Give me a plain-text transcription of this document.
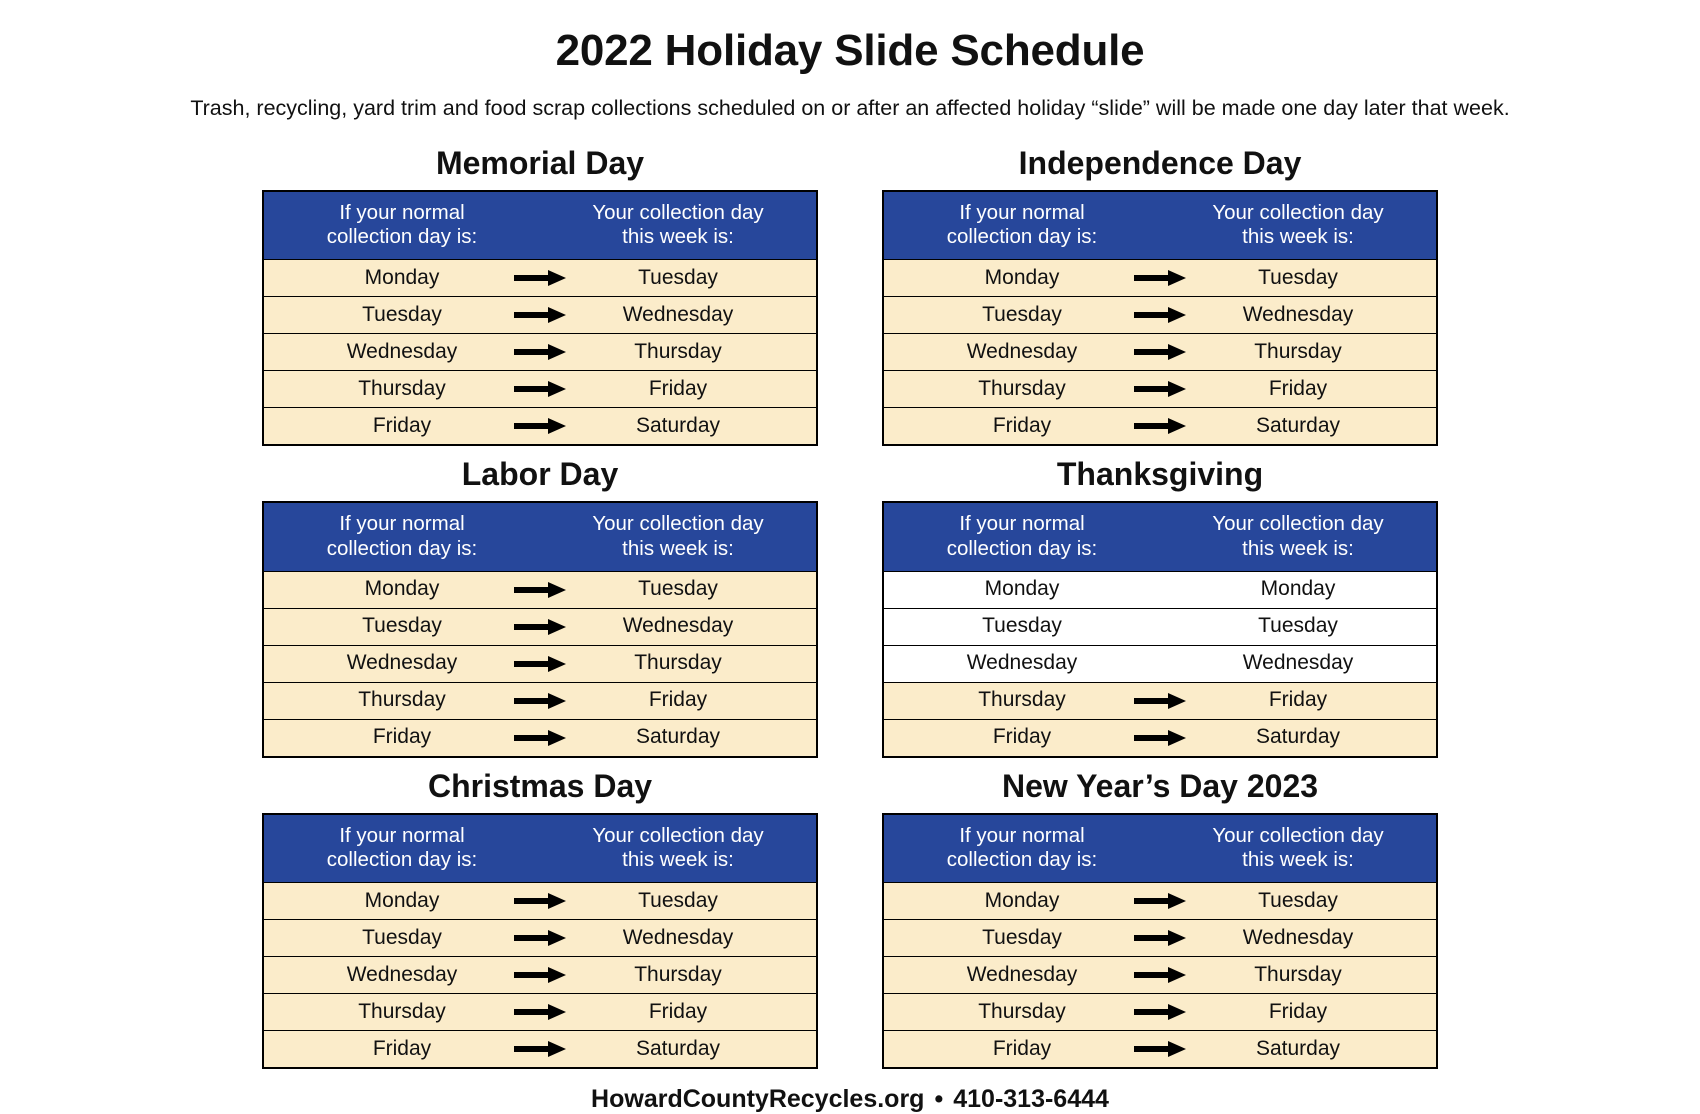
2022 Holiday Slide Schedule

Trash, recycling, yard trim and food scrap collections scheduled on or after an affected holiday “slide” will be made one day later that week.

Memorial Day
If your normal
collection day is:

Your collection day
this week is:

Monday	Tuesday
Tuesday	Wednesday
Wednesday	Thursday
Thursday	Friday
Friday	Saturday
Independence Day
If your normal
collection day is:

Your collection day
this week is:

Monday	Tuesday
Tuesday	Wednesday
Wednesday	Thursday
Thursday	Friday
Friday	Saturday
Labor Day
If your normal
collection day is:

Your collection day
this week is:

Monday	Tuesday
Tuesday	Wednesday
Wednesday	Thursday
Thursday	Friday
Friday	Saturday
Thanksgiving
If your normal
collection day is:

Your collection day
this week is:

Monday	Monday
Tuesday	Tuesday
Wednesday	Wednesday
Thursday	Friday
Friday	Saturday
Christmas Day
If your normal
collection day is:

Your collection day
this week is:

Monday	Tuesday
Tuesday	Wednesday
Wednesday	Thursday
Thursday	Friday
Friday	Saturday
New Year’s Day 2023
If your normal
collection day is:

Your collection day
this week is:

Monday	Tuesday
Tuesday	Wednesday
Wednesday	Thursday
Thursday	Friday
Friday	Saturday
HowardCountyRecycles.org • 410-313-6444
